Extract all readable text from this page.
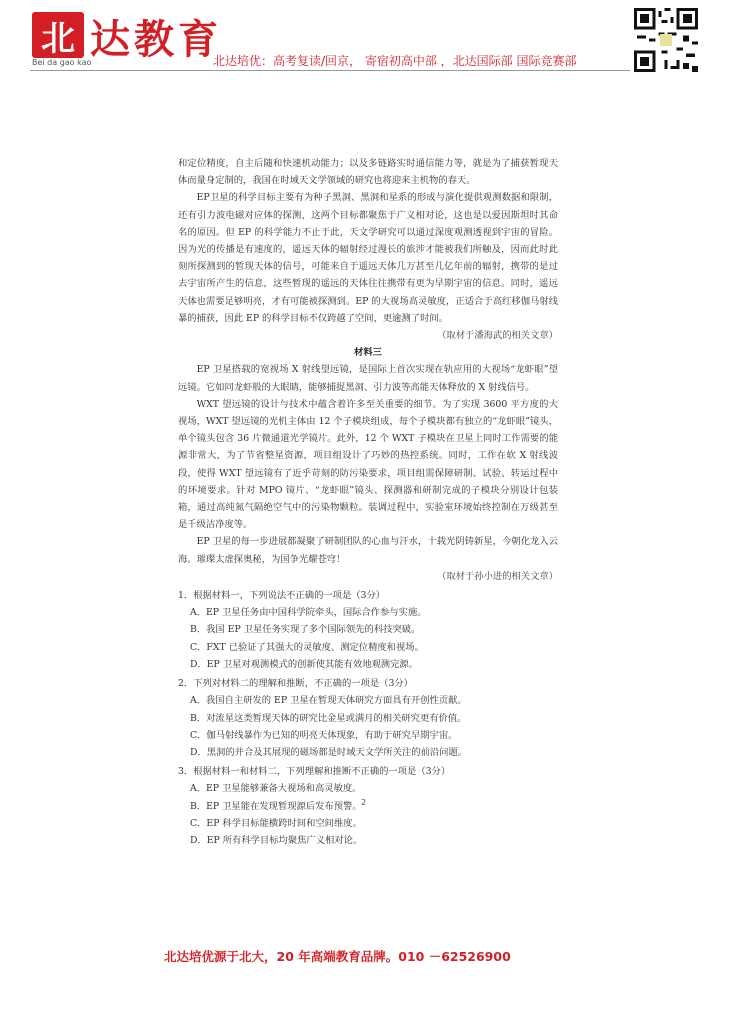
北 达教育
Bei da gao kao	北达培优：高考复读/回京， 寄宿初高中部 ，北达国际部 国际竞赛部

和定位精度，自主后随和快速机动能力；以及多链路实时通信能力等，就是为了捕获暂现天体而量身定制的，我国在时域天文学领域的研究也将迎来主机物的春天。

EP卫星的科学目标主要有为种子黑洞、黑洞和星系的形成与演化提供观测数据和限制，还有引力波电磁对应体的探测，这两个目标都聚焦于广义相对论，这也是以爱因斯坦时其命名的原因。但 EP 的科学能力不止于此，天文学研究可以通过深度观测透视到宇宙的冒险。因为光的传播是有速度的，遥远天体的辐射经过漫长的旅涉才能被我们所触及，因而此时此刻所探测到的暂现天体的信号，可能来自于遥远天体几万甚至几亿年前的辐射，携带的是过去宇宙所产生的信息，这些暂现的遥远的天体往往携带有更为早期宇宙的信息。同时，遥远天体也需要足够明亮，才有可能被探测到。EP 的大视场高灵敏度，正适合于高红移伽马射线暴的捕获，因此 EP 的科学目标不仅跨越了空间，更逾测了时间。

（取材于潘海武的相关文章）

材料三

EP 卫星搭载的宽视场 X 射线望远镜，是国际上首次实现在轨应用的大视场“龙虾眼”望远镜。它如同龙虾般的大眼睛，能够捕捉黑洞、引力波等高能天体释放的 X 射线信号。

WXT 望远镜的设计与技术中蕴含着许多至关重要的细节。为了实现 3600 平方度的大视场，WXT 望远镜的光机主体由 12 个子模块组成，每个子模块都有独立的“龙虾眼”镜头，单个镜头包含 36 片微通道光学镜片。此外，12 个 WXT 子模块在卫星上同时工作需要的能源非常大，为了节省整星资源，项目组设计了巧妙的热控系统。同时，工作在软 X 射线波段，使得 WXT 望远镜有了近乎苛刻的防污染要求，项目组需保障研制、试验、转运过程中的环境要求。针对 MPO 镜片、“龙虾眼”镜头、探测器和研制完成的子模块分别设计包装箱，通过高纯氮气隔绝空气中的污染物颗粒。装调过程中，实验室环境始终控制在万级甚至是千级洁净度等。

EP 卫星的每一步进展都凝聚了研制团队的心血与汗水，十载光阴铸新星，今朝化龙入云海。璀璨太虚探奥秘，为国争光耀苍穹！

（取材于孙小进的相关文章）

1．根据材料一，下列说法不正确的一项是（3分）

A．EP 卫星任务由中国科学院牵头，国际合作参与实施。

B．我国 EP 卫星任务实现了多个国际领先的科技突破。

C．FXT 已验证了其强大的灵敏度、测定位精度和视场。

D．EP 卫星对观测模式的创新使其能有效地观测完源。

2．下列对材料二的理解和推断，不正确的一项是（3分）

A．我国自主研发的 EP 卫星在暂现天体研究方面具有开创性贡献。

B．对流星这类暂现天体的研究比金星或满月的相关研究更有价值。

C．伽马射线暴作为已知的明亮天体现象，有助于研究早期宇宙。

D．黑洞的并合及其展现的磁场都是时域天文学所关注的前沿问题。

3．根据材料一和材料二，下列理解和推断不正确的一项是（3分）

A．EP 卫星能够兼备大视场和高灵敏度。

B．EP 卫星能在发现暂现源后发布预警。

C．EP 科学目标能横跨时间和空间维度。

D．EP 所有科学目标均聚焦广义相对论。

2
北达培优源于北大，20 年高端教育品牌。010 －62526900
